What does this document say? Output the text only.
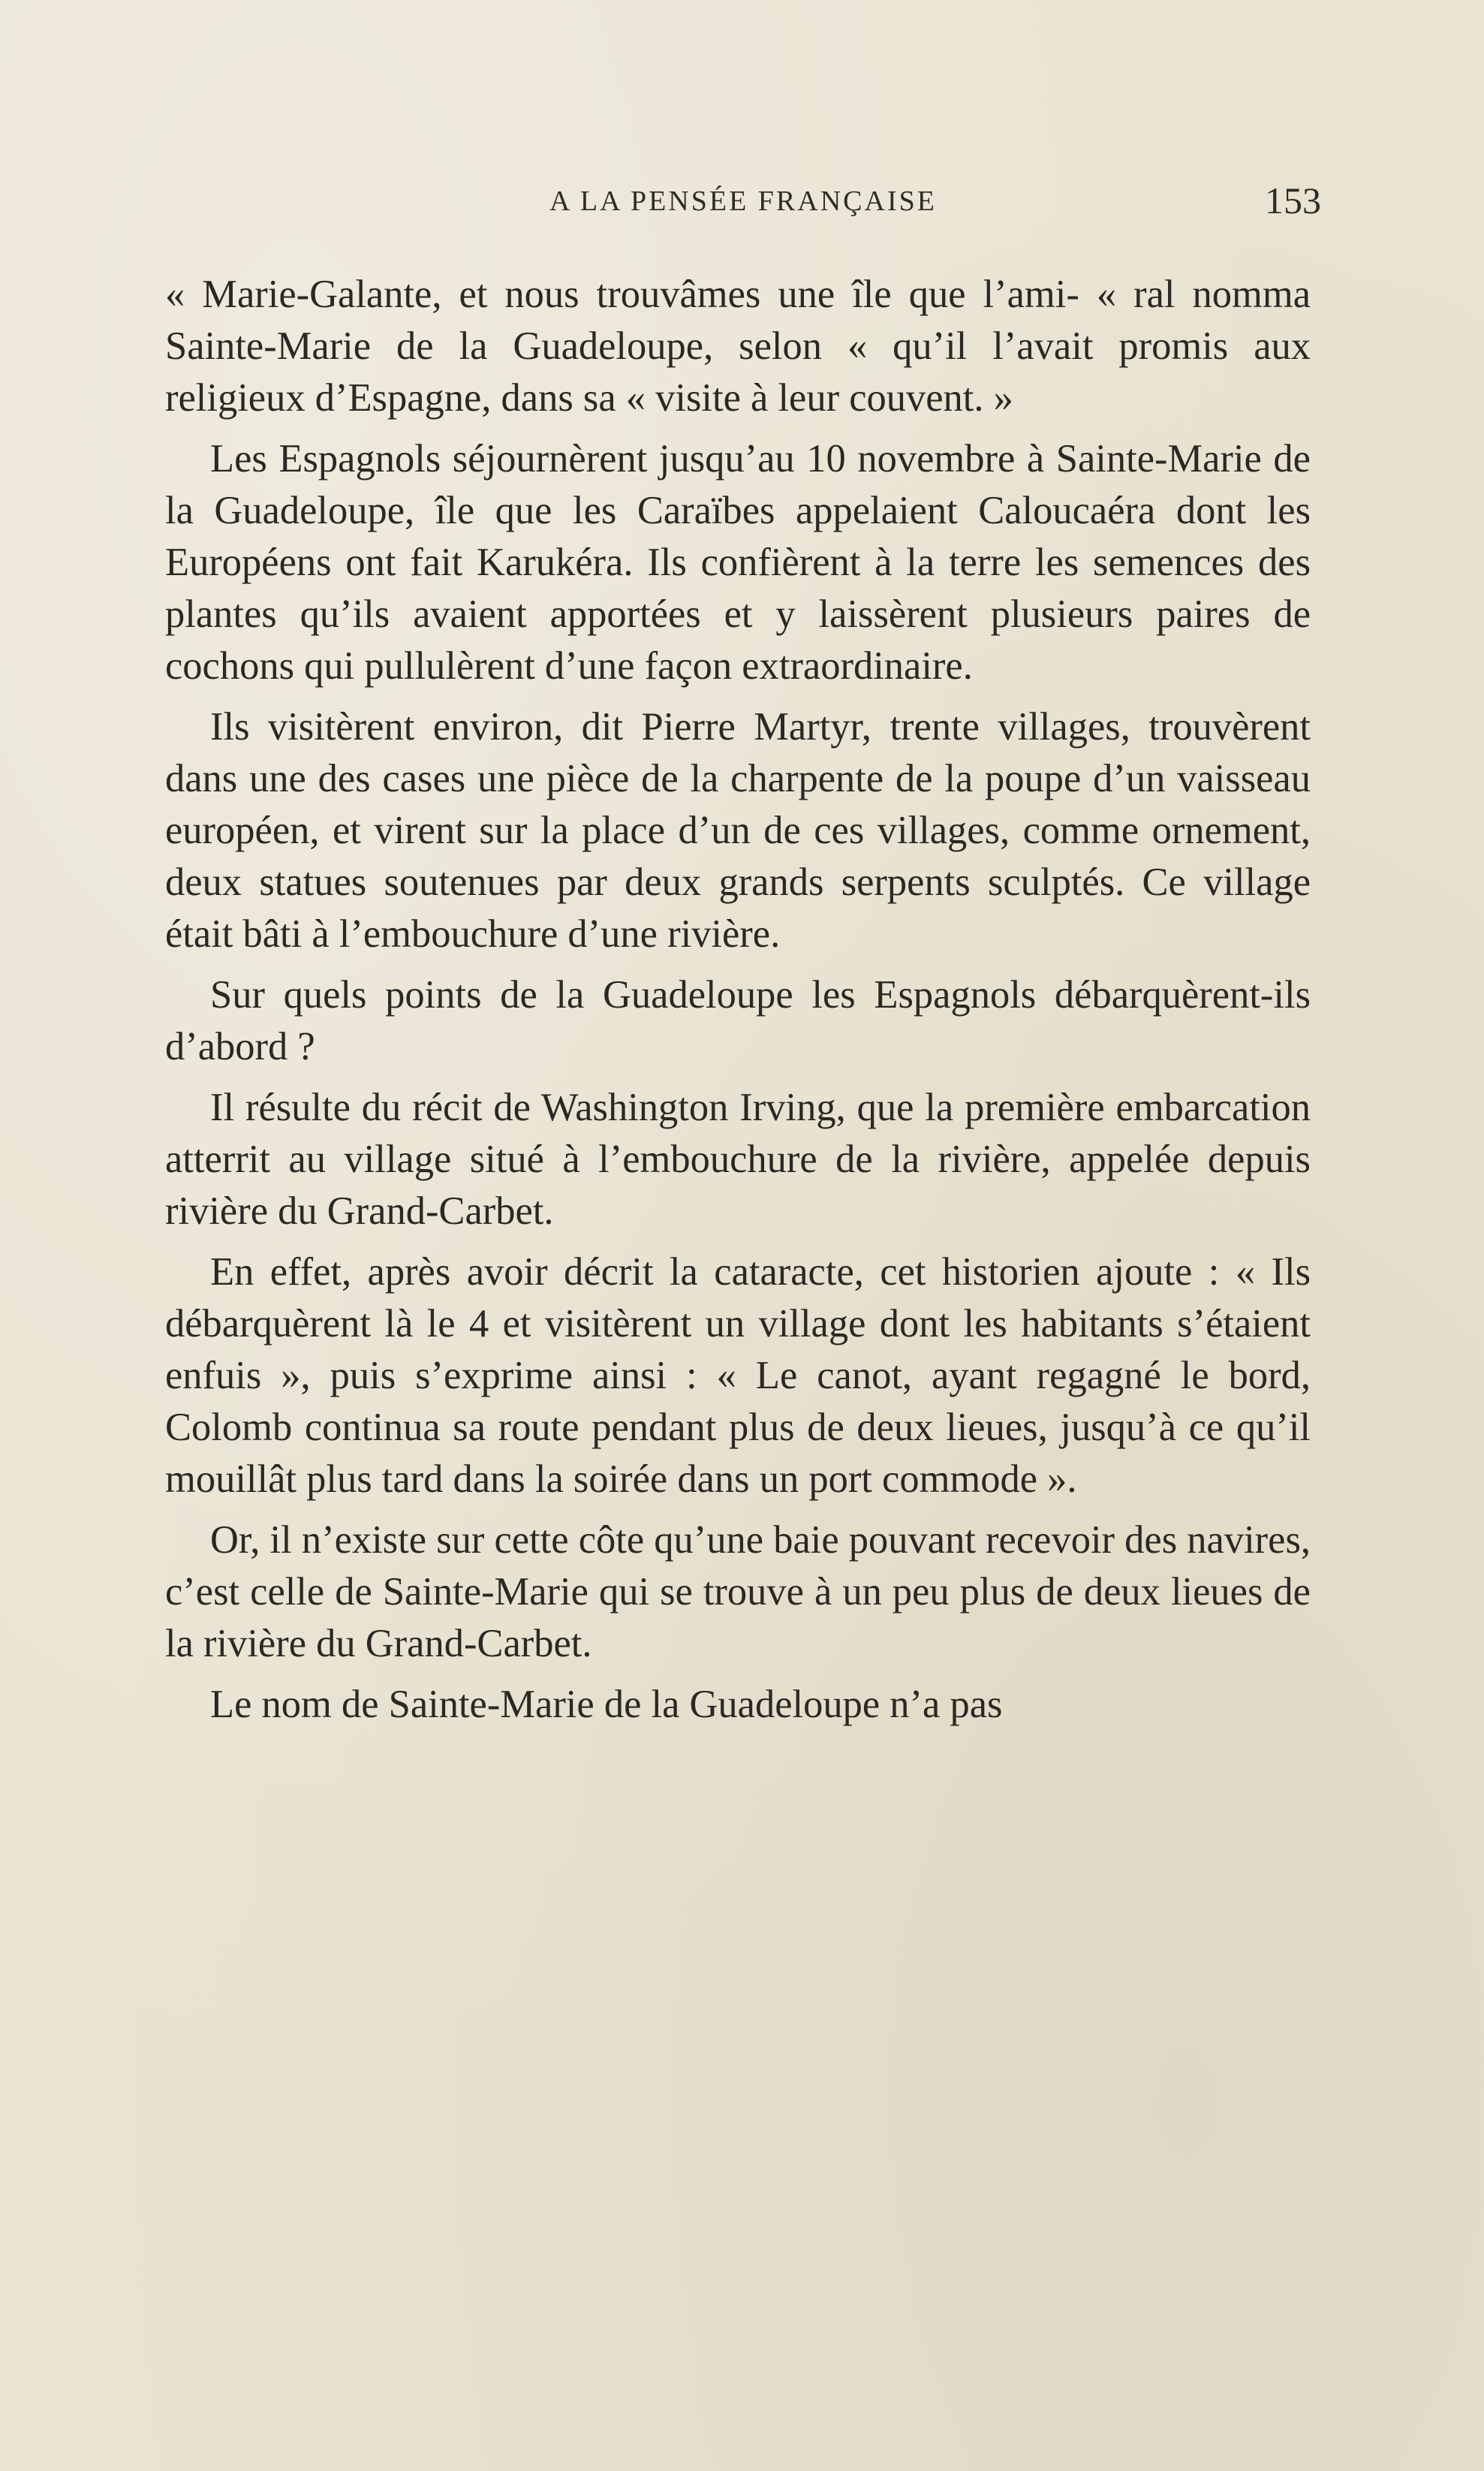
A LA PENSÉE FRANÇAISE	153

« Marie-Galante, et nous trouvâmes une île que l’ami- « ral nomma Sainte-Marie de la Guadeloupe, selon « qu’il l’avait promis aux religieux d’Espagne, dans sa « visite à leur couvent. »

Les Espagnols séjournèrent jusqu’au 10 novembre à Sainte-Marie de la Guadeloupe, île que les Caraïbes appelaient Caloucaéra dont les Européens ont fait Karukéra. Ils confièrent à la terre les semences des plantes qu’ils avaient apportées et y laissèrent plusieurs paires de cochons qui pullulèrent d’une façon extraordinaire.

Ils visitèrent environ, dit Pierre Martyr, trente villages, trouvèrent dans une des cases une pièce de la charpente de la poupe d’un vaisseau européen, et virent sur la place d’un de ces villages, comme ornement, deux statues soutenues par deux grands serpents sculptés. Ce village était bâti à l’embouchure d’une rivière.

Sur quels points de la Guadeloupe les Espagnols débarquèrent-ils d’abord ?

Il résulte du récit de Washington Irving, que la première embarcation atterrit au village situé à l’embouchure de la rivière, appelée depuis rivière du Grand-Carbet.

En effet, après avoir décrit la cataracte, cet historien ajoute : « Ils débarquèrent là le 4 et visitèrent un village dont les habitants s’étaient enfuis », puis s’exprime ainsi : « Le canot, ayant regagné le bord, Colomb continua sa route pendant plus de deux lieues, jusqu’à ce qu’il mouillât plus tard dans la soirée dans un port commode ».

Or, il n’existe sur cette côte qu’une baie pouvant recevoir des navires, c’est celle de Sainte-Marie qui se trouve à un peu plus de deux lieues de la rivière du Grand-Carbet.

Le nom de Sainte-Marie de la Guadeloupe n’a pas
